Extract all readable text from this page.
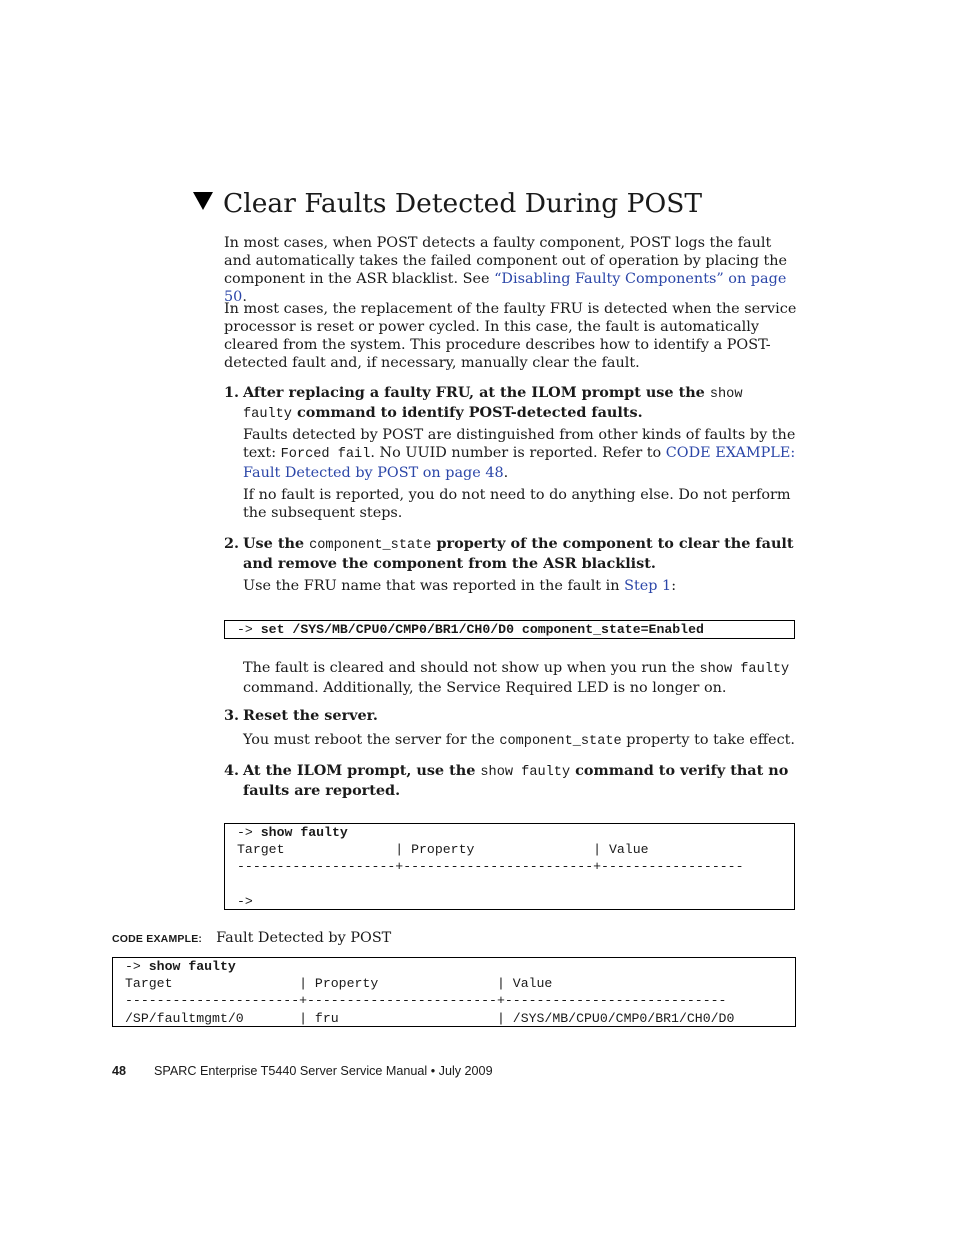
Clear Faults Detected During POST

In most cases, when POST detects a faulty component, POST logs the fault and automatically takes the failed component out of operation by placing the component in the ASR blacklist. See “Disabling Faulty Components” on page 50.

In most cases, the replacement of the faulty FRU is detected when the service processor is reset or power cycled. In this case, the fault is automatically cleared from the system. This procedure describes how to identify a POST-detected fault and, if necessary, manually clear the fault.

1. After replacing a faulty FRU, at the ILOM prompt use the show faulty command to identify POST-detected faults.

Faults detected by POST are distinguished from other kinds of faults by the text: Forced fail. No UUID number is reported. Refer to CODE EXAMPLE: Fault Detected by POST on page 48.

If no fault is reported, you do not need to do anything else. Do not perform the subsequent steps.

2. Use the component_state property of the component to clear the fault and remove the component from the ASR blacklist.

Use the FRU name that was reported in the fault in Step 1:

-> set /SYS/MB/CPU0/CMP0/BR1/CH0/D0 component_state=Enabled

The fault is cleared and should not show up when you run the show faulty command. Additionally, the Service Required LED is no longer on.

3. Reset the server.

You must reboot the server for the component_state property to take effect.

4. At the ILOM prompt, use the show faulty command to verify that no faults are reported.
-> show faulty
Target              | Property               | Value
--------------------+------------------------+------------------
->
CODE EXAMPLE: Fault Detected by POST
-> show faulty
Target                | Property               | Value
----------------------+------------------------+----------------------------
/SP/faultmgmt/0       | fru                    | /SYS/MB/CPU0/CMP0/BR1/CH0/D0
48 SPARC Enterprise T5440 Server Service Manual • July 2009
